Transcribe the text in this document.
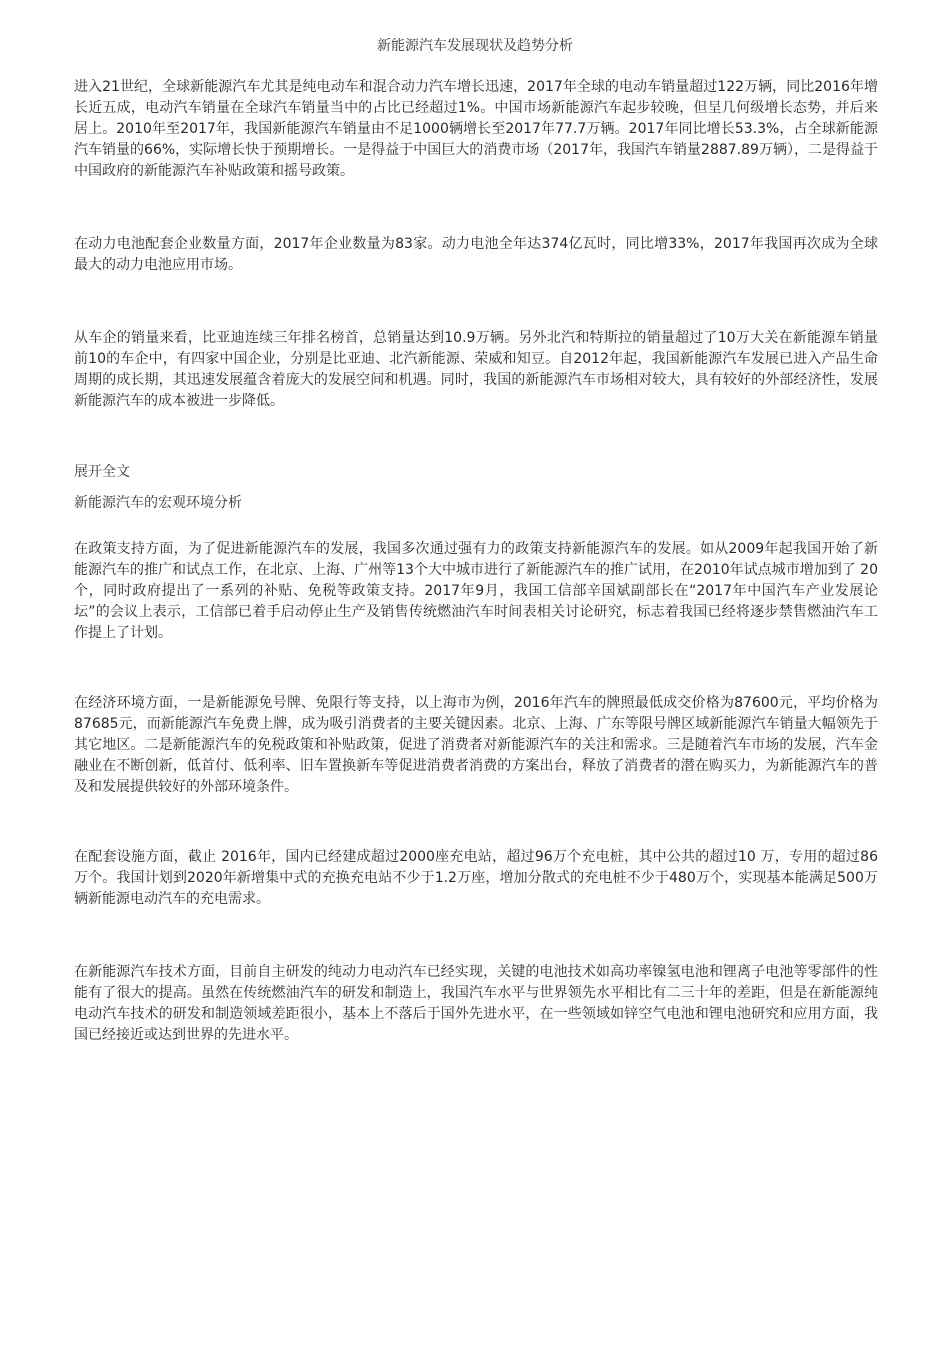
新能源汽车发展现状及趋势分析

进入21世纪，全球新能源汽车尤其是纯电动车和混合动力汽车增长迅速，2017年全球的电动车销量超过122万辆，同比2016年增长近五成，电动汽车销量在全球汽车销量当中的占比已经超过1%。中国市场新能源汽车起步较晚，但呈几何级增长态势，并后来居上。2010年至2017年，我国新能源汽车销量由不足1000辆增长至2017年77.7万辆。2017年同比增长53.3%，占全球新能源汽车销量的66%，实际增长快于预期增长。一是得益于中国巨大的消费市场（2017年，我国汽车销量2887.89万辆），二是得益于中国政府的新能源汽车补贴政策和摇号政策。

在动力电池配套企业数量方面，2017年企业数量为83家。动力电池全年达374亿瓦时，同比增33%，2017年我国再次成为全球最大的动力电池应用市场。

从车企的销量来看，比亚迪连续三年排名榜首，总销量达到10.9万辆。另外北汽和特斯拉的销量超过了10万大关在新能源车销量前10的车企中，有四家中国企业，分别是比亚迪、北汽新能源、荣威和知豆。自2012年起，我国新能源汽车发展已进入产品生命周期的成长期，其迅速发展蕴含着庞大的发展空间和机遇。同时，我国的新能源汽车市场相对较大，具有较好的外部经济性，发展新能源汽车的成本被进一步降低。

展开全文
新能源汽车的宏观环境分析

在政策支持方面，为了促进新能源汽车的发展，我国多次通过强有力的政策支持新能源汽车的发展。如从2009年起我国开始了新能源汽车的推广和试点工作，在北京、上海、广州等13个大中城市进行了新能源汽车的推广试用，在2010年试点城市增加到了 20个，同时政府提出了一系列的补贴、免税等政策支持。2017年9月，我国工信部辛国斌副部长在“2017年中国汽车产业发展论坛”的会议上表示，工信部已着手启动停止生产及销售传统燃油汽车时间表相关讨论研究，标志着我国已经将逐步禁售燃油汽车工作提上了计划。

在经济环境方面，一是新能源免号牌、免限行等支持，以上海市为例，2016年汽车的牌照最低成交价格为87600元，平均价格为87685元，而新能源汽车免费上牌，成为吸引消费者的主要关键因素。北京、上海、广东等限号牌区域新能源汽车销量大幅领先于其它地区。二是新能源汽车的免税政策和补贴政策，促进了消费者对新能源汽车的关注和需求。三是随着汽车市场的发展，汽车金融业在不断创新，低首付、低利率、旧车置换新车等促进消费者消费的方案出台，释放了消费者的潜在购买力，为新能源汽车的普及和发展提供较好的外部环境条件。

在配套设施方面，截止 2016年，国内已经建成超过2000座充电站，超过96万个充电桩，其中公共的超过10 万，专用的超过86万个。我国计划到2020年新增集中式的充换充电站不少于1.2万座，增加分散式的充电桩不少于480万个，实现基本能满足500万辆新能源电动汽车的充电需求。

在新能源汽车技术方面，目前自主研发的纯动力电动汽车已经实现，关键的电池技术如高功率镍氢电池和锂离子电池等零部件的性能有了很大的提高。虽然在传统燃油汽车的研发和制造上，我国汽车水平与世界领先水平相比有二三十年的差距，但是在新能源纯电动汽车技术的研发和制造领域差距很小，基本上不落后于国外先进水平，在一些领域如锌空气电池和锂电池研究和应用方面，我国已经接近或达到世界的先进水平。
